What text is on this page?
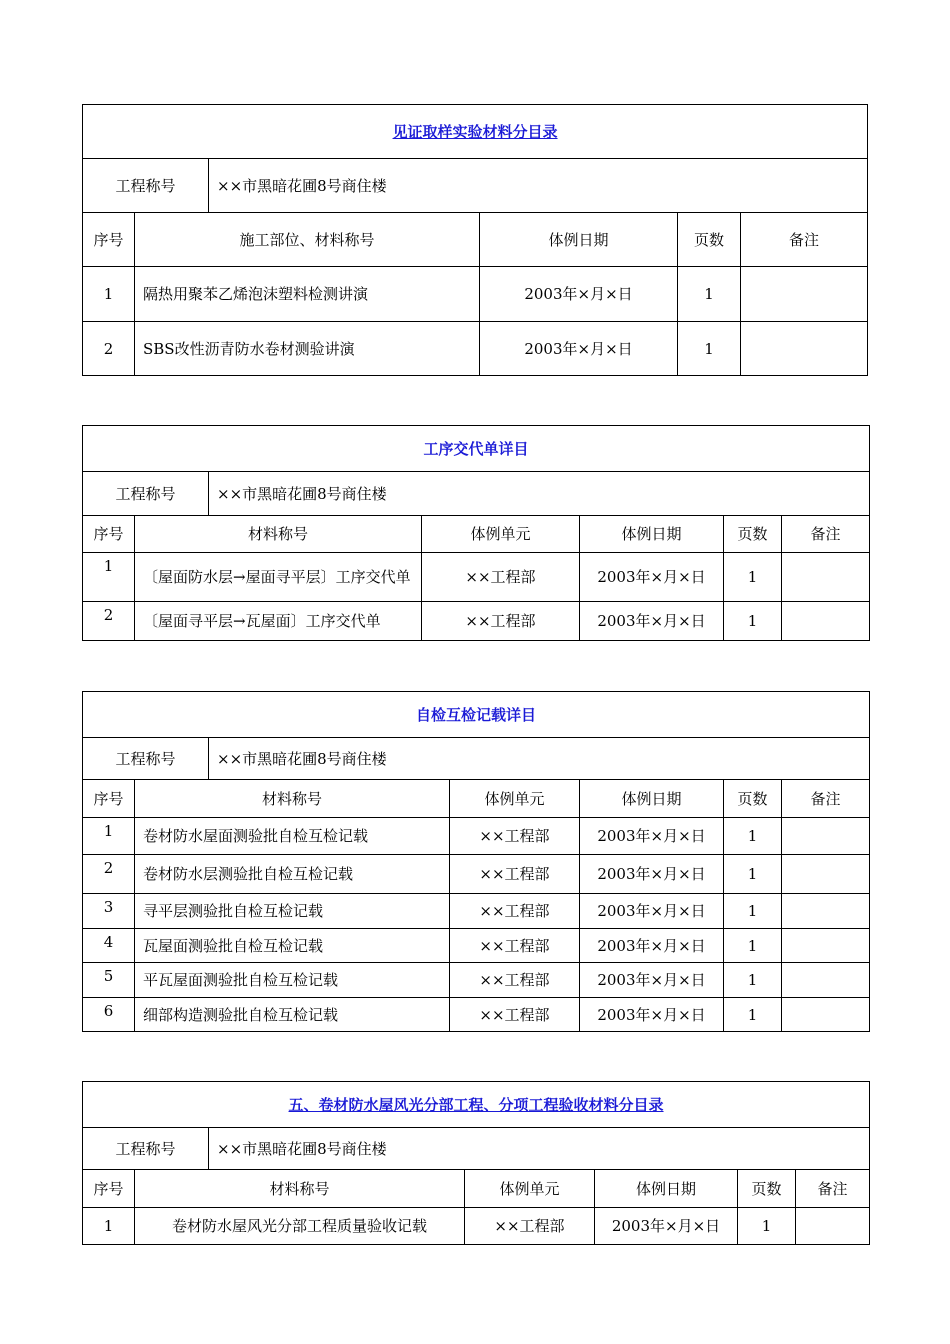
见证取样实验材料分目录					
工程称号		××市黑暗花圃8号商住楼			
序号	施工部位、材料称号		体例日期	页数	备注
1	隔热用聚苯乙烯泡沫塑料检测讲演		2003年×月×日	1	
2	SBS改性沥青防水卷材测验讲演		2003年×月×日	1	
工序交代单详目						
工程称号		××市黑暗花圃8号商住楼				
序号	材料称号		体例单元	体例日期	页数	备注
1	〔屋面防水层→屋面寻平层〕工序交代单		××工程部	2003年×月×日	1	
2	〔屋面寻平层→瓦屋面〕工序交代单		××工程部	2003年×月×日	1	
自检互检记载详目						
工程称号		××市黑暗花圃8号商住楼				
序号	材料称号		体例单元	体例日期	页数	备注
1	卷材防水屋面测验批自检互检记载		××工程部	2003年×月×日	1	
2	卷材防水层测验批自检互检记载		××工程部	2003年×月×日	1	
3	寻平层测验批自检互检记载		××工程部	2003年×月×日	1	
4	瓦屋面测验批自检互检记载		××工程部	2003年×月×日	1	
5	平瓦屋面测验批自检互检记载		××工程部	2003年×月×日	1	
6	细部构造测验批自检互检记载		××工程部	2003年×月×日	1	
五、卷材防水屋风光分部工程、分项工程验收材料分目录						
工程称号		××市黑暗花圃8号商住楼				
序号	材料称号		体例单元	体例日期	页数	备注
1	卷材防水屋风光分部工程质量验收记载		××工程部	2003年×月×日	1	
